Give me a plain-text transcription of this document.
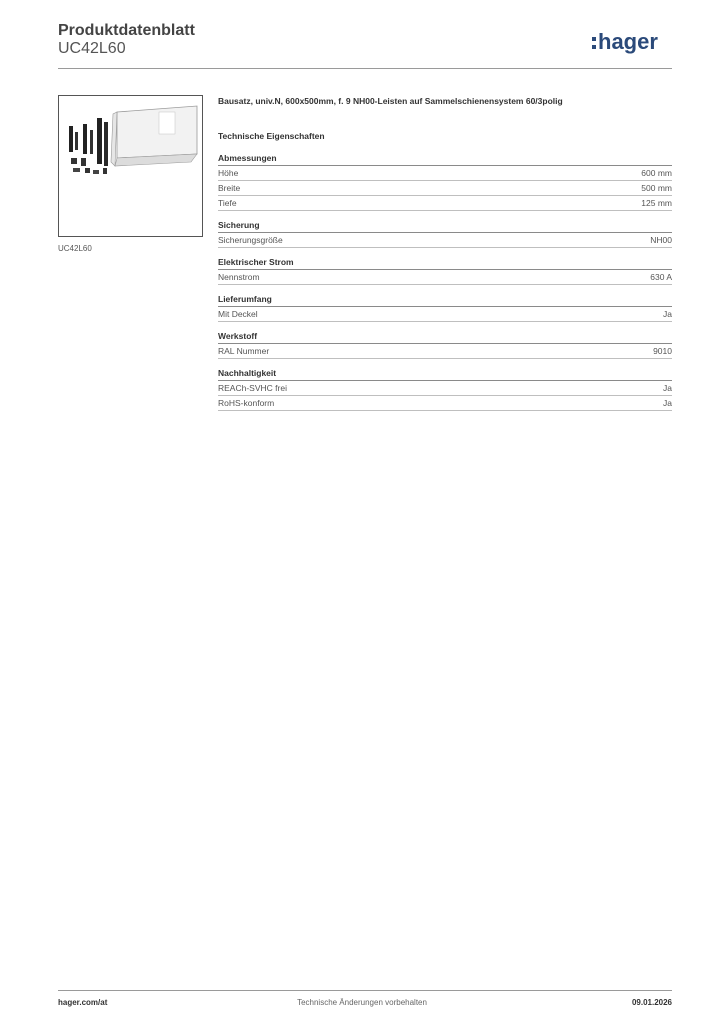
Produktdatenblatt
UC42L60	hager
UC42L60
Bausatz, univ.N, 600x500mm, f. 9 NH00-Leisten auf Sammelschienensystem 60/3polig
Technische Eigenschaften
Abmessungen
Höhe	600 mm
Breite	500 mm
Tiefe	125 mm
Sicherung
Sicherungsgröße	NH00
Elektrischer Strom
Nennstrom	630 A
Lieferumfang
Mit Deckel	Ja
Werkstoff
RAL Nummer	9010
Nachhaltigkeit
REACh-SVHC frei	Ja
RoHS-konform	Ja
hager.com/at	Technische Änderungen vorbehalten	09.01.2026
